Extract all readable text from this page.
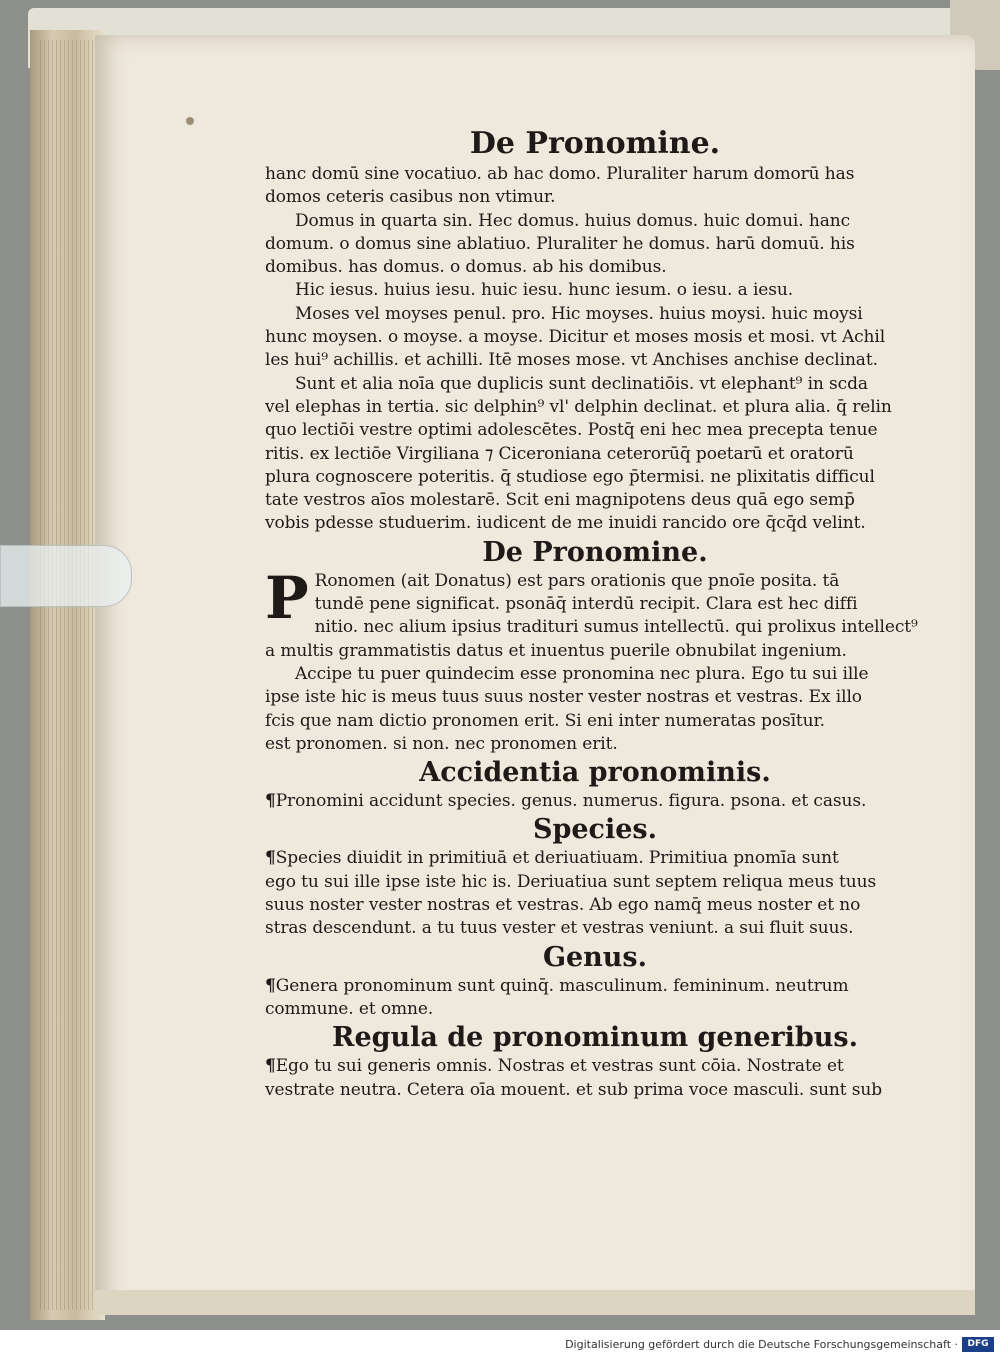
De Pronomine.
hanc domū sine vocatiuo. ab hac domo. Pluraliter harum domorū has
domos ceteris casibus non vtimur.
Domus in quarta sin. Hec domus. huius domus. huic domui. hanc
domum. o domus sine ablatiuo. Pluraliter he domus. harū domuū. his
domibus. has domus. o domus. ab his domibus.
Hic iesus. huius iesu. huic iesu. hunc iesum. o iesu. a iesu.
Moses vel moyses penul. pro. Hic moyses. huius moysi. huic moysi
hunc moysen. o moyse. a moyse. Dicitur et moses mosis et mosi. vt Achil
les hui⁹ achillis. et achilli. Itē moses mose. vt Anchises anchise declinat.
Sunt et alia noīa que duplicis sunt declinatiōis. vt elephant⁹ in scda
vel elephas in tertia. sic delphin⁹ vl' delphin declinat. et plura alia. q̄ relin
quo lectiōi vestre optimi adolescētes. Postq̄ eni hec mea precepta tenue
ritis. ex lectiōe Virgiliana ⁊ Ciceroniana ceterorūq̄ poetarū et oratorū
plura cognoscere poteritis. q̄ studiose ego p̄termisi. ne plixitatis difficul
tate vestros aīos molestarē. Scit eni magnipotens deus quā ego semp̄
vobis pdesse studuerim. iudicent de me inuidi rancido ore q̄cq̄d velint.
De Pronomine.
P Ronomen (ait Donatus) est pars orationis que pnoīe posita. tā
tundē pene significat. psonāq̄ interdū recipit. Clara est hec diffi
nitio. nec alium ipsius tradituri sumus intellectū. qui prolixus intellect⁹
a multis grammatistis datus et inuentus puerile obnubilat ingenium.
Accipe tu puer quindecim esse pronomina nec plura. Ego tu sui ille
ipse iste hic is meus tuus suus noster vester nostras et vestras. Ex illo
fcis que nam dictio pronomen erit. Si eni inter numeratas posītur.
est pronomen. si non. nec pronomen erit.
Accidentia pronominis.
¶Pronomini accidunt species. genus. numerus. figura. psona. et casus.
Species.
¶Species diuidit in primitiuā et deriuatiuam. Primitiua pnomīa sunt
ego tu sui ille ipse iste hic is. Deriuatiua sunt septem reliqua meus tuus
suus noster vester nostras et vestras. Ab ego namq̄ meus noster et no
stras descendunt. a tu tuus vester et vestras veniunt. a sui fluit suus.
Genus.
¶Genera pronominum sunt quinq̄. masculinum. femininum. neutrum
commune. et omne.
Regula de pronominum generibus.
¶Ego tu sui generis omnis. Nostras et vestras sunt cōia. Nostrate et
vestrate neutra. Cetera oīa mouent. et sub prima voce masculi. sunt sub
Digitalisierung gefördert durch die Deutsche Forschungsgemeinschaft ·	DFG
